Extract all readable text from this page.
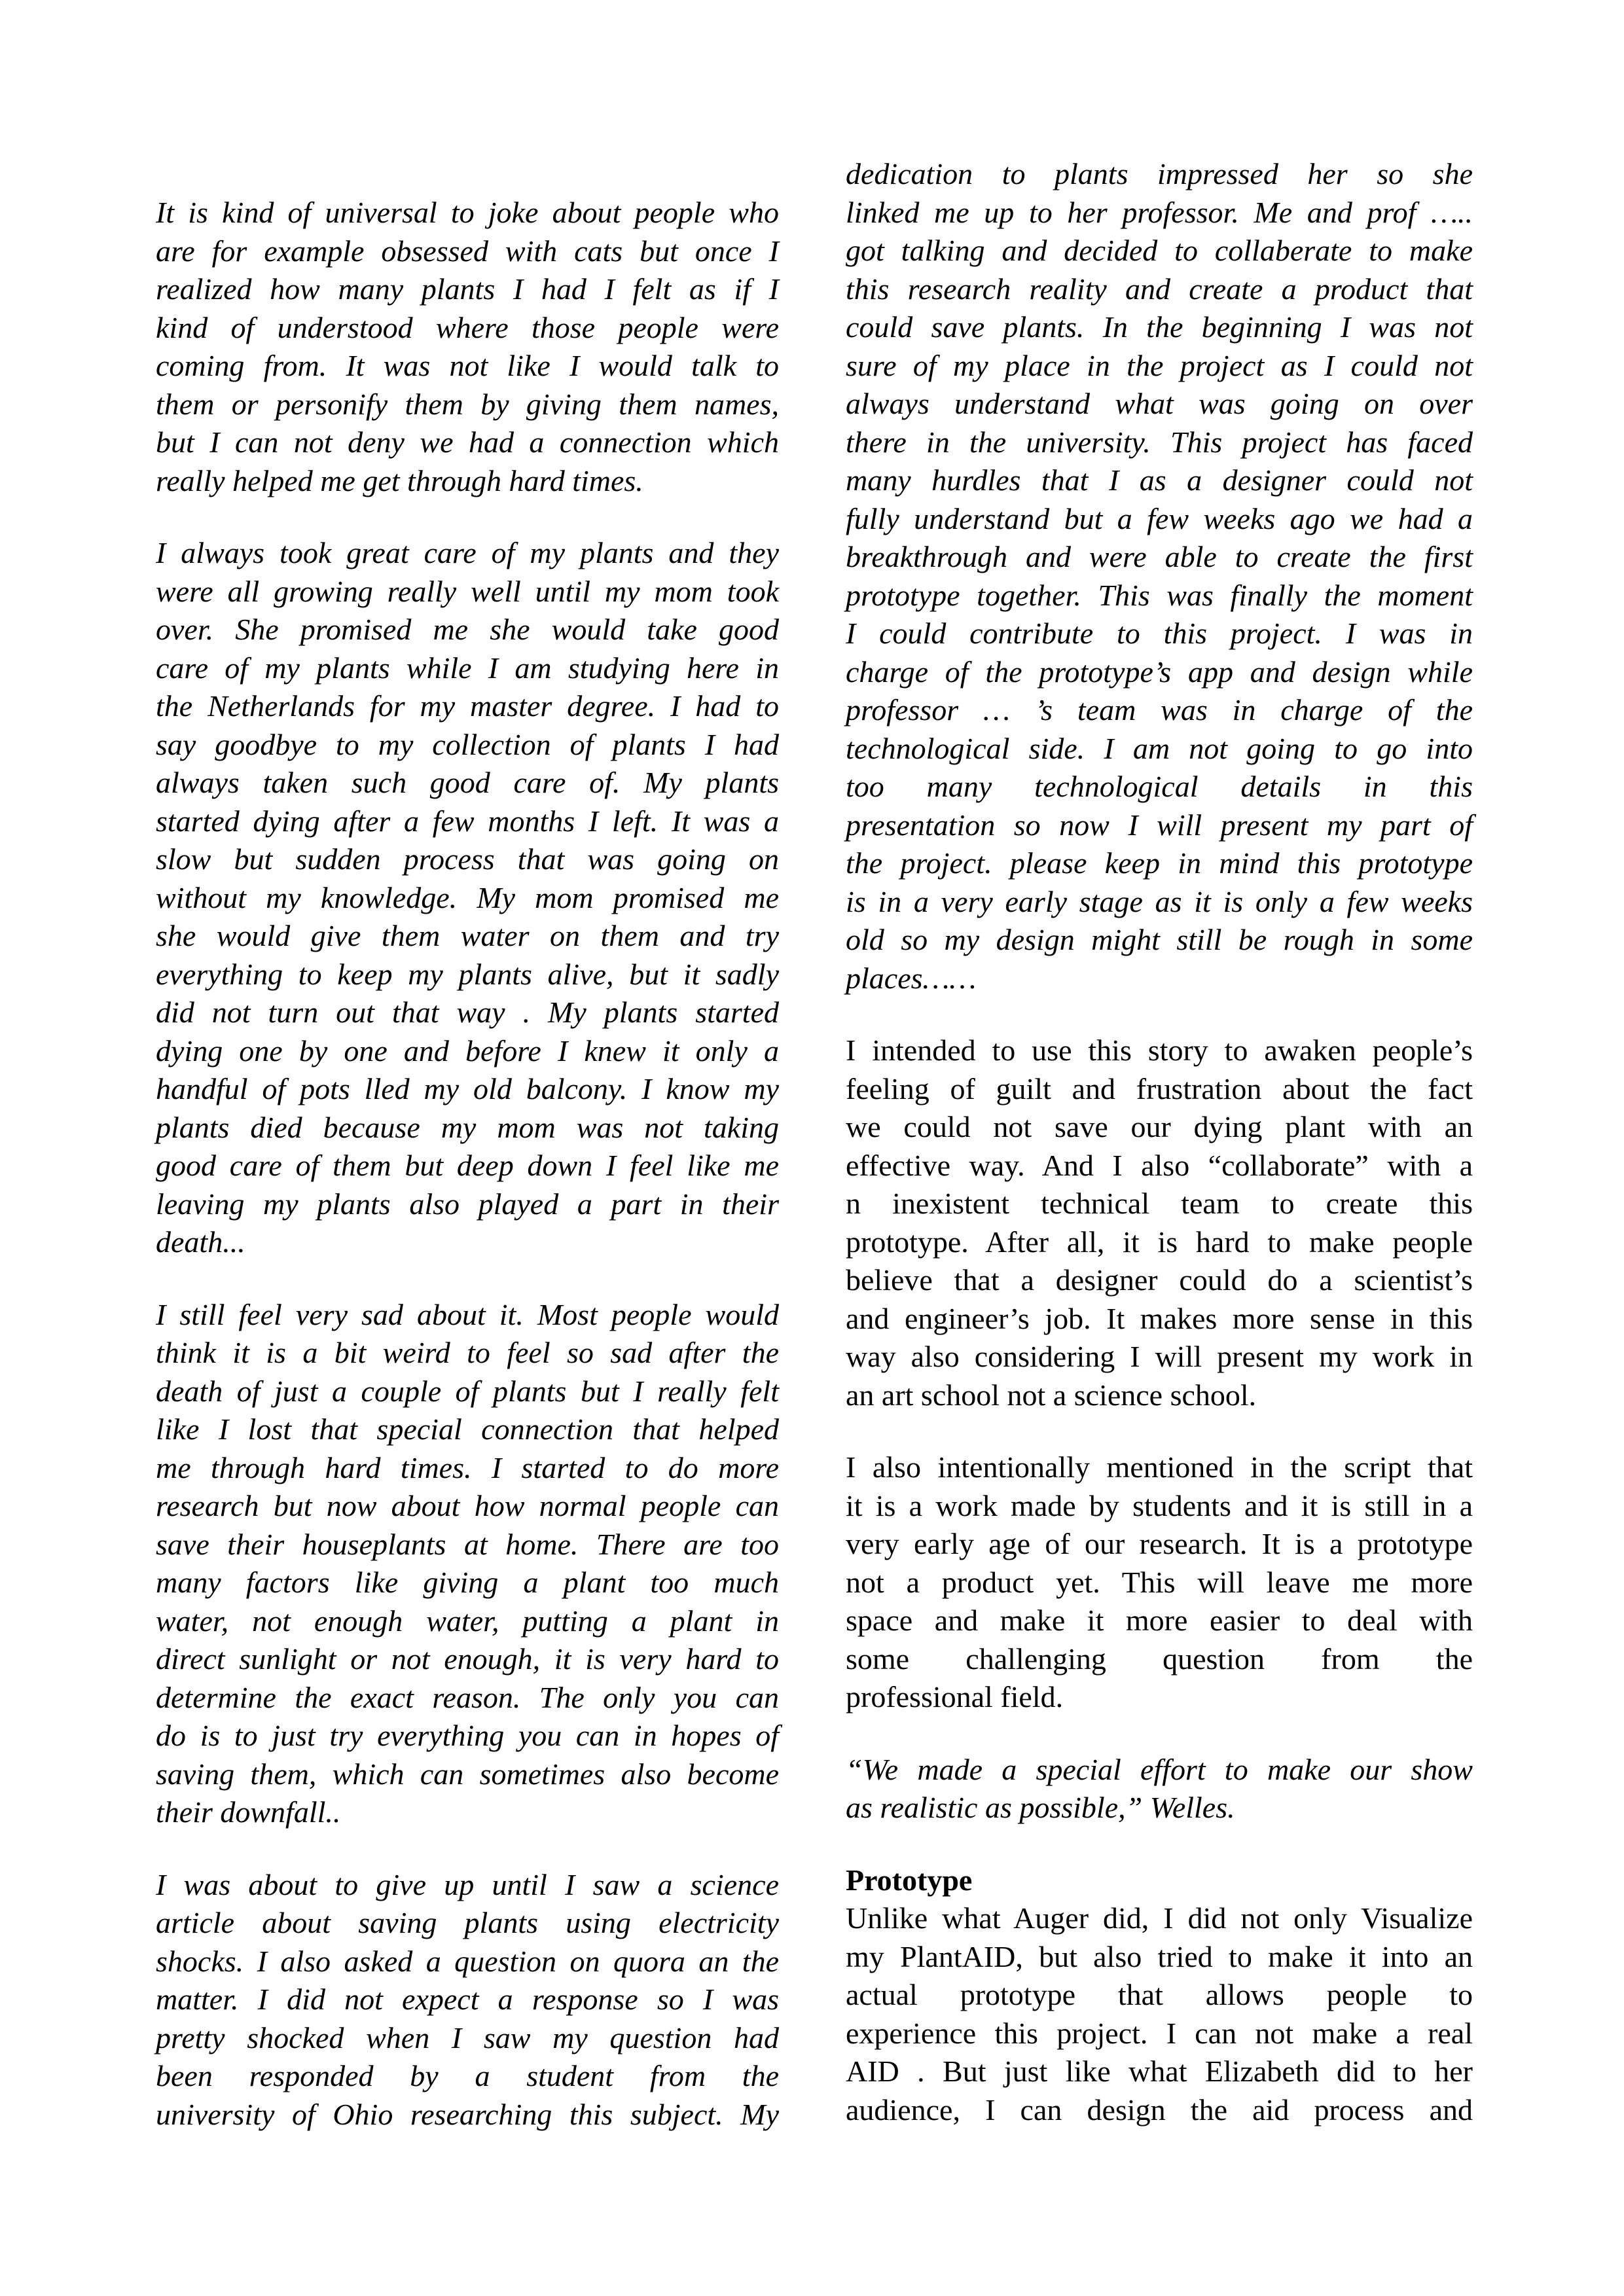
It is kind of universal to joke about people who
are for example obsessed with cats but once I
realized how many plants I had I felt as if I
kind of understood where those people were
coming from. It was not like I would talk to
them or personify them by giving them names,
but I can not deny we had a connection which
really helped me get through hard times.
I always took great care of my plants and they
were all growing really well until my mom took
over. She promised me she would take good
care of my plants while I am studying here in
the Netherlands for my master degree. I had to
say goodbye to my collection of plants I had
always taken such good care of. My plants
started dying after a few months I left. It was a
slow but sudden process that was going on
without my knowledge. My mom promised me
she would give them water on them and try
everything to keep my plants alive, but it sadly
did not turn out that way . My plants started
dying one by one and before I knew it only a
handful of pots lled my old balcony. I know my
plants died because my mom was not taking
good care of them but deep down I feel like me
leaving my plants also played a part in their
death...
I still feel very sad about it. Most people would
think it is a bit weird to feel so sad after the
death of just a couple of plants but I really felt
like I lost that special connection that helped
me through hard times. I started to do more
research but now about how normal people can
save their houseplants at home. There are too
many factors like giving a plant too much
water, not enough water, putting a plant in
direct sunlight or not enough, it is very hard to
determine the exact reason. The only you can
do is to just try everything you can in hopes of
saving them, which can sometimes also become
their downfall..
I was about to give up until I saw a science
article about saving plants using electricity
shocks. I also asked a question on quora an the
matter. I did not expect a response so I was
pretty shocked when I saw my question had
been responded by a student from the
university of Ohio researching this subject. My
dedication to plants impressed her so she
linked me up to her professor. Me and prof …..
got talking and decided to collaberate to make
this research reality and create a product that
could save plants. In the beginning I was not
sure of my place in the project as I could not
always understand what was going on over
there in the university. This project has faced
many hurdles that I as a designer could not
fully understand but a few weeks ago we had a
breakthrough and were able to create the first
prototype together. This was finally the moment
I could contribute to this project. I was in
charge of the prototype’s app and design while
professor … ’s team was in charge of the
technological side. I am not going to go into
too many technological details in this
presentation so now I will present my part of
the project. please keep in mind this prototype
is in a very early stage as it is only a few weeks
old so my design might still be rough in some
places……
I intended to use this story to awaken people’s
feeling of guilt and frustration about the fact
we could not save our dying plant with an
effective way. And I also “collaborate” with a
n inexistent technical team to create this
prototype. After all, it is hard to make people
believe that a designer could do a scientist’s
and engineer’s job. It makes more sense in this
way also considering I will present my work in
an art school not a science school.
I also intentionally mentioned in the script that
it is a work made by students and it is still in a
very early age of our research. It is a prototype
not a product yet. This will leave me more
space and make it more easier to deal with
some challenging question from the
professional field.
“We made a special effort to make our show
as realistic as possible,” Welles.
Prototype
Unlike what Auger did, I did not only Visualize
my PlantAID, but also tried to make it into an
actual prototype that allows people to
experience this project. I can not make a real
AID . But just like what Elizabeth did to her
audience, I can design the aid process and
